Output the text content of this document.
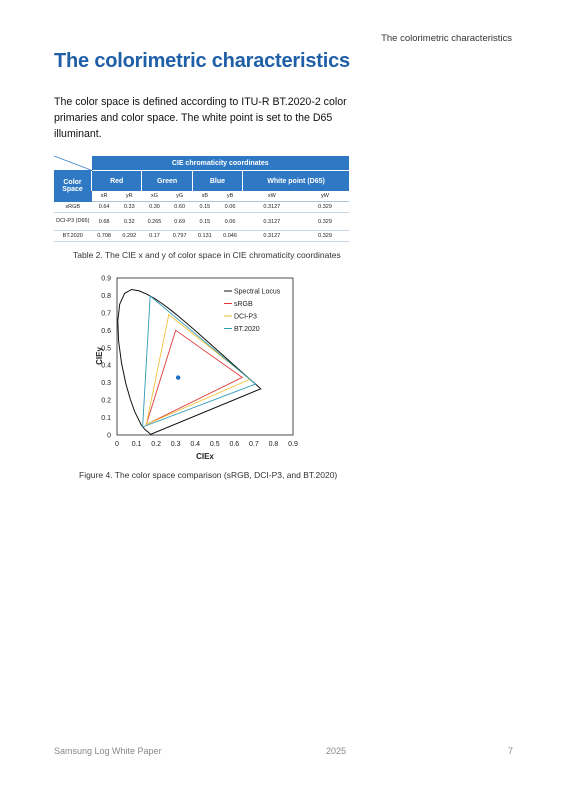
The colorimetric characteristics
The colorimetric characteristics

The color space is defined according to ITU-R BT.2020-2 color primaries and color space. The white point is set to the D65 illuminant.

	CIE chromaticity coordinates							
Color Space	Red		Green		Blue		White point (D65)	
	xR	yR	xG	yG	xB	yB	xW	yW
sRGB	0.64	0.33	0.30	0.60	0.15	0.06	0.3127	0.329
DCI-P3 (D65)	0.68	0.32	0.265	0.69	0.15	0.06	0.3127	0.329
BT.2020	0.708	0.292	0.17	0.797	0.131	0.046	0.3127	0.329

Table 2. The CIE x and y of color space in CIE chromaticity coordinates

0 0.1 0.2 0.3 0.4 0.5 0.6 0.7 0.8 0.9
0
0.1
0.2
0.3
0.4
0.5
0.6
0.7
0.8
0.9
Spectral Locus
sRGB
DCI-P3
BT.2020
CIEx
CIEy

Figure 4. The color space comparison (sRGB, DCI-P3, and BT.2020)

Samsung Log White Paper	2025	7
